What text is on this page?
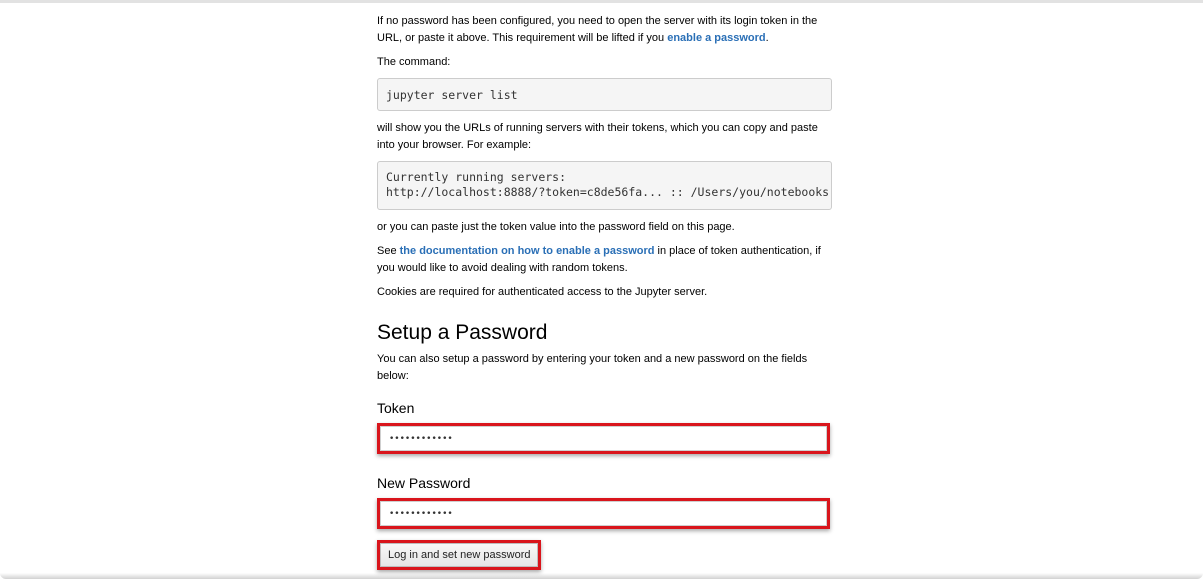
If no password has been configured, you need to open the server with its login token in the URL, or paste it above. This requirement will be lifted if you enable a password.

The command:

jupyter server list

will show you the URLs of running servers with their tokens, which you can copy and paste into your browser. For example:

Currently running servers:
http://localhost:8888/?token=c8de56fa... :: /Users/you/notebooks

or you can paste just the token value into the password field on this page.

See the documentation on how to enable a password in place of token authentication, if you would like to avoid dealing with random tokens.

Cookies are required for authenticated access to the Jupyter server.

Setup a Password

You can also setup a password by entering your token and a new password on the fields below:

Token
••••••••••••
New Password
••••••••••••
Log in and set new password
